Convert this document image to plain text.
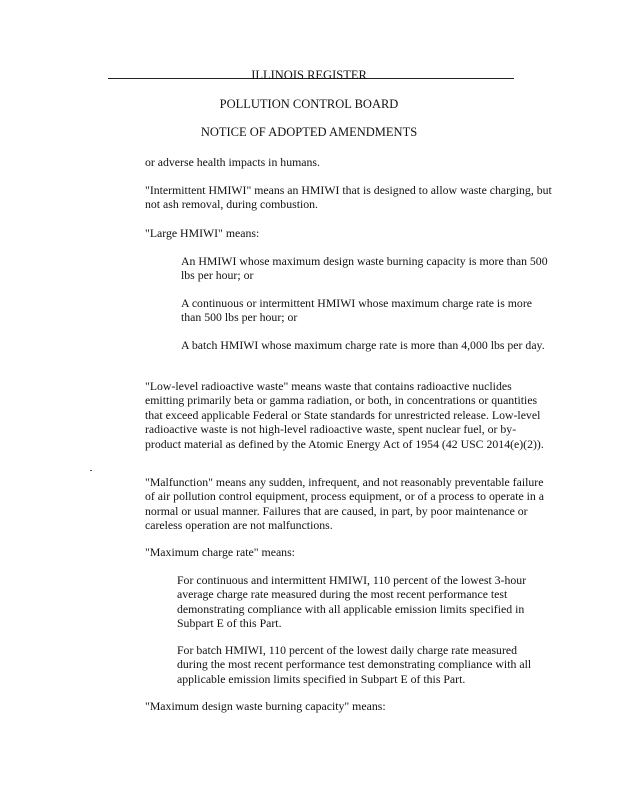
ILLINOIS REGISTER
POLLUTION CONTROL BOARD
NOTICE OF ADOPTED AMENDMENTS

or adverse health impacts in humans.

"Intermittent HMIWI" means an HMIWI that is designed to allow waste charging, but not ash removal, during combustion.

"Large HMIWI" means:

An HMIWI whose maximum design waste burning capacity is more than 500 lbs per hour; or

A continuous or intermittent HMIWI whose maximum charge rate is more than 500 lbs per hour; or

A batch HMIWI whose maximum charge rate is more than 4,000 lbs per day.

"Low-level radioactive waste" means waste that contains radioactive nuclides emitting primarily beta or gamma radiation, or both, in concentrations or quantities that exceed applicable Federal or State standards for unrestricted release. Low-level radioactive waste is not high-level radioactive waste, spent nuclear fuel, or by-product material as defined by the Atomic Energy Act of 1954 (42 USC 2014(e)(2)).

"Malfunction" means any sudden, infrequent, and not reasonably preventable failure of air pollution control equipment, process equipment, or of a process to operate in a normal or usual manner. Failures that are caused, in part, by poor maintenance or careless operation are not malfunctions.

"Maximum charge rate" means:

For continuous and intermittent HMIWI, 110 percent of the lowest 3-hour average charge rate measured during the most recent performance test demonstrating compliance with all applicable emission limits specified in Subpart E of this Part.

For batch HMIWI, 110 percent of the lowest daily charge rate measured during the most recent performance test demonstrating compliance with all applicable emission limits specified in Subpart E of this Part.

"Maximum design waste burning capacity" means:
